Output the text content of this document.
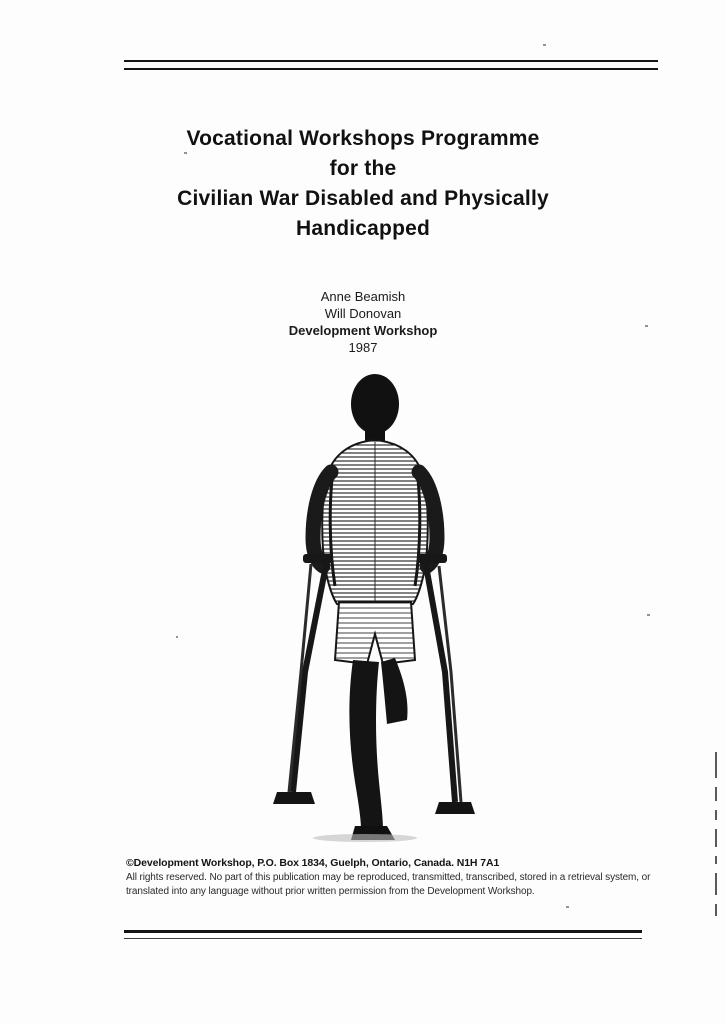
Vocational Workshops Programme
for the
Civilian War Disabled and Physically
Handicapped
Anne Beamish
Will Donovan
Development Workshop
1987
©Development Workshop, P.O. Box 1834, Guelph, Ontario, Canada. N1H 7A1
All rights reserved. No part of this publication may be reproduced, transmitted, transcribed, stored in a retrieval system, or translated into any language without prior written permission from the Development Workshop.
